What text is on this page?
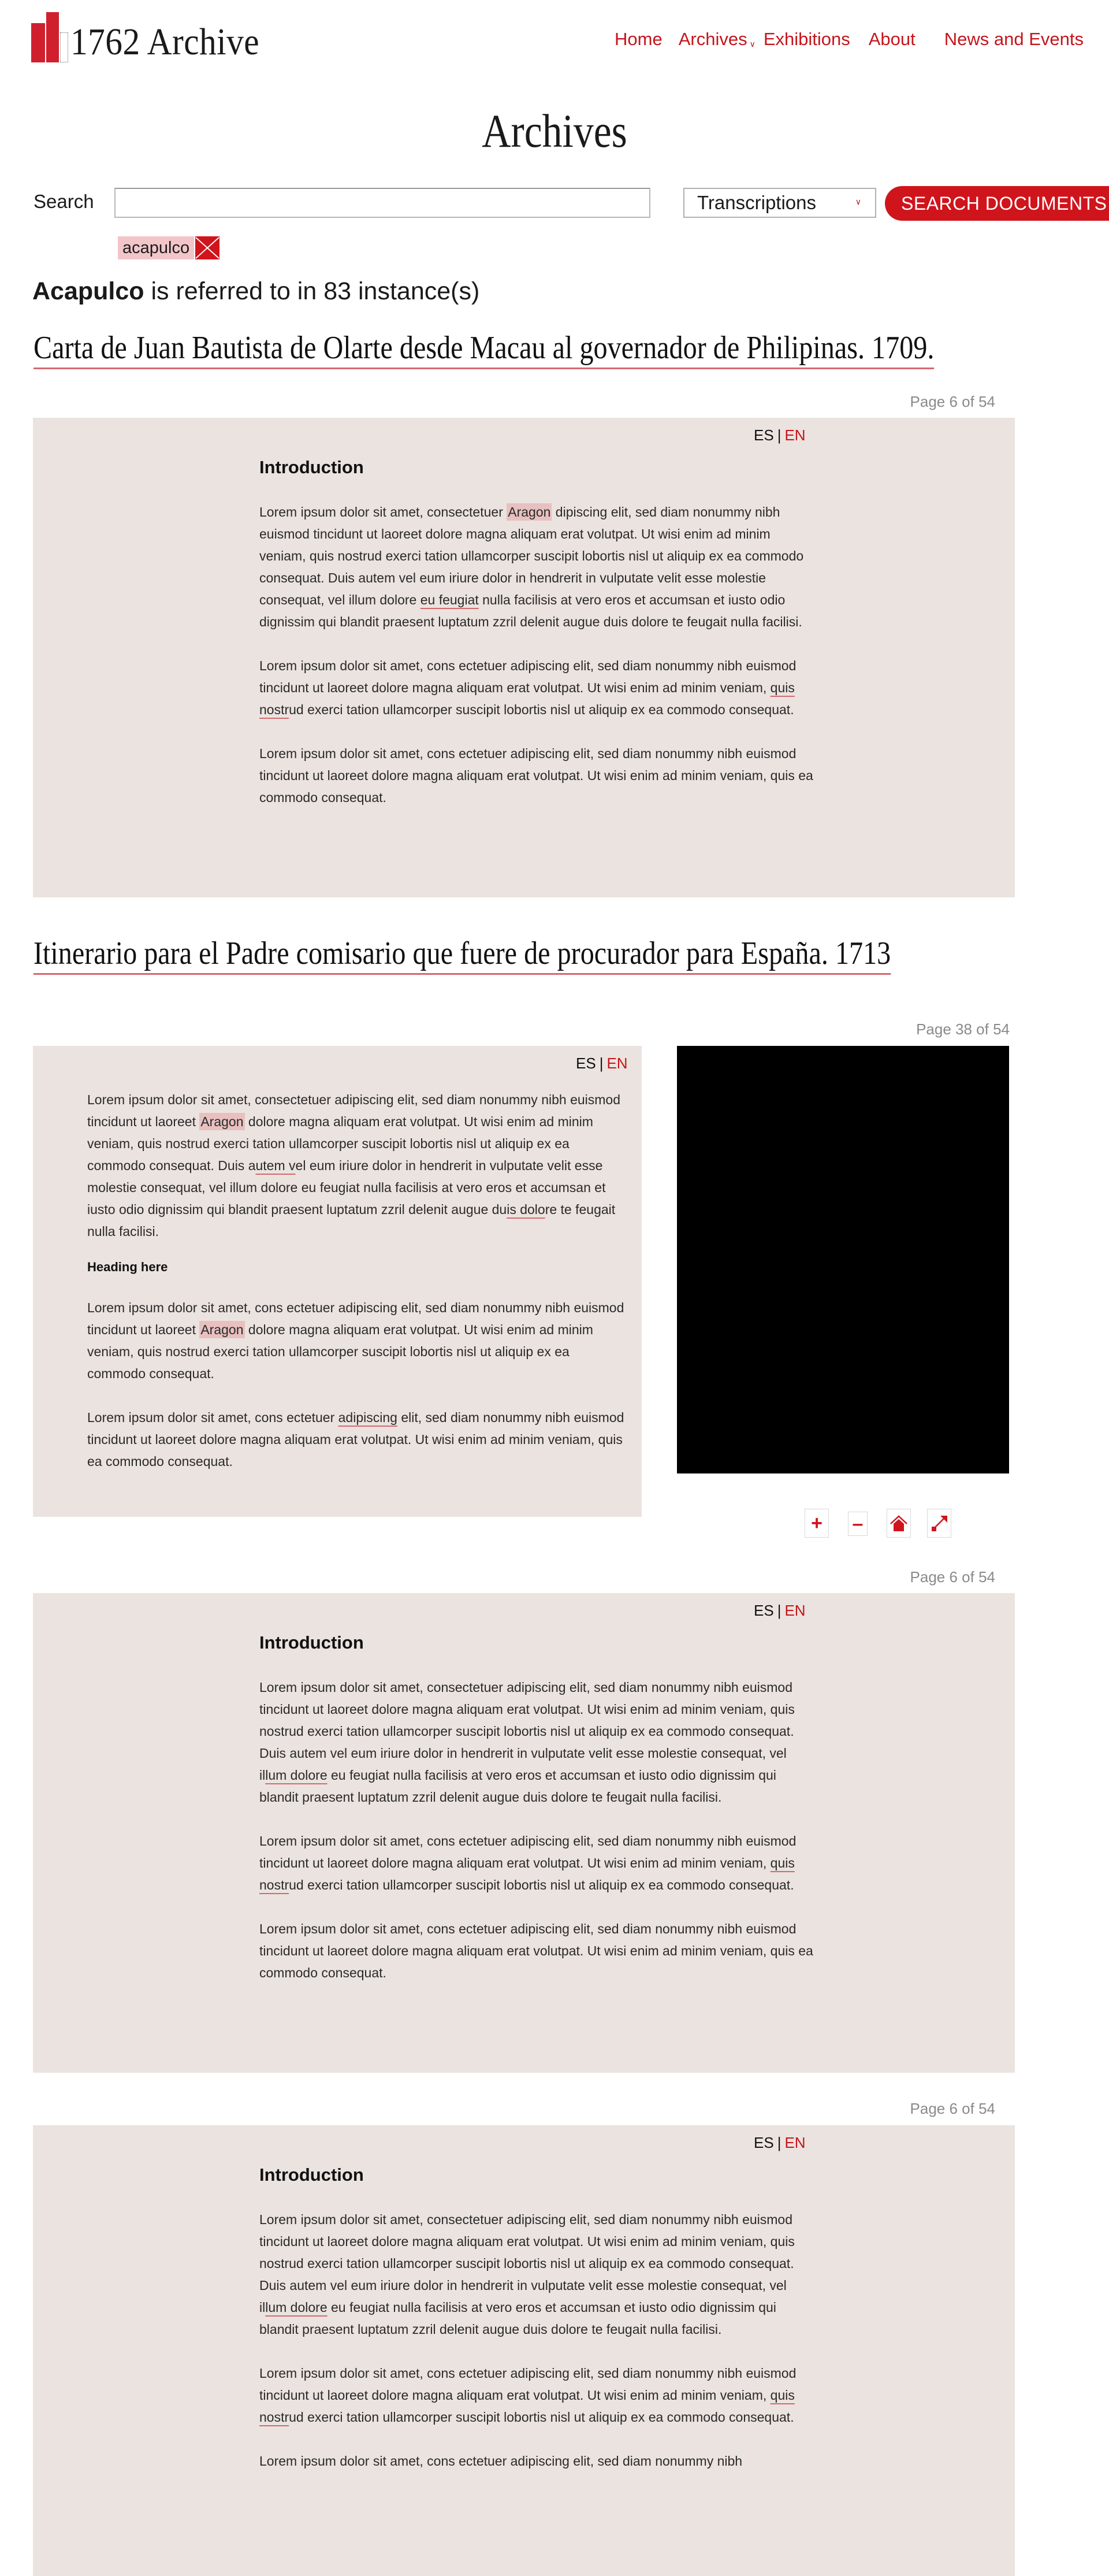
1762 Archive	Home Archives ∨ Exhibitions About News and Events
Archives
Search	Transcriptions	∨	SEARCH DOCUMENTS
acapulco
Acapulco is referred to in 83 instance(s)
Carta de Juan Bautista de Olarte desde Macau al governador de Philipinas. 1709.
Page 6 of 54
ES | EN
Introduction

Lorem ipsum dolor sit amet, consectetuer Aragon dipiscing elit, sed diam nonummy nibh euismod tincidunt ut laoreet dolore magna aliquam erat volutpat. Ut wisi enim ad minim veniam, quis nostrud exerci tation ullamcorper suscipit lobortis nisl ut aliquip ex ea commodo consequat. Duis autem vel eum iriure dolor in hendrerit in vulputate velit esse molestie consequat, vel illum dolore eu feugiat nulla facilisis at vero eros et accumsan et iusto odio dignissim qui blandit praesent luptatum zzril delenit augue duis dolore te feugait nulla facilisi.

Lorem ipsum dolor sit amet, cons ectetuer adipiscing elit, sed diam nonummy nibh euismod tincidunt ut laoreet dolore magna aliquam erat volutpat. Ut wisi enim ad minim veniam, quis nostrud exerci tation ullamcorper suscipit lobortis nisl ut aliquip ex ea commodo consequat.

Lorem ipsum dolor sit amet, cons ectetuer adipiscing elit, sed diam nonummy nibh euismod tincidunt ut laoreet dolore magna aliquam erat volutpat. Ut wisi enim ad minim veniam, quis ea commodo consequat.

Itinerario para el Padre comisario que fuere de procurador para España. 1713
Page 38 of 54
ES | EN

Lorem ipsum dolor sit amet, consectetuer adipiscing elit, sed diam nonummy nibh euismod tincidunt ut laoreet Aragon dolore magna aliquam erat volutpat. Ut wisi enim ad minim veniam, quis nostrud exerci tation ullamcorper suscipit lobortis nisl ut aliquip ex ea commodo consequat. Duis autem vel eum iriure dolor in hendrerit in vulputate velit esse molestie consequat, vel illum dolore eu feugiat nulla facilisis at vero eros et accumsan et iusto odio dignissim qui blandit praesent luptatum zzril delenit augue duis dolore te feugait nulla facilisi.

Heading here

Lorem ipsum dolor sit amet, cons ectetuer adipiscing elit, sed diam nonummy nibh euismod tincidunt ut laoreet Aragon dolore magna aliquam erat volutpat. Ut wisi enim ad minim veniam, quis nostrud exerci tation ullamcorper suscipit lobortis nisl ut aliquip ex ea commodo consequat.

Lorem ipsum dolor sit amet, cons ectetuer adipiscing elit, sed diam nonummy nibh euismod tincidunt ut laoreet dolore magna aliquam erat volutpat. Ut wisi enim ad minim veniam, quis ea commodo consequat.

+ –
Page 6 of 54
ES | EN
Introduction

Lorem ipsum dolor sit amet, consectetuer adipiscing elit, sed diam nonummy nibh euismod tincidunt ut laoreet dolore magna aliquam erat volutpat. Ut wisi enim ad minim veniam, quis nostrud exerci tation ullamcorper suscipit lobortis nisl ut aliquip ex ea commodo consequat. Duis autem vel eum iriure dolor in hendrerit in vulputate velit esse molestie consequat, vel illum dolore eu feugiat nulla facilisis at vero eros et accumsan et iusto odio dignissim qui blandit praesent luptatum zzril delenit augue duis dolore te feugait nulla facilisi.

Lorem ipsum dolor sit amet, cons ectetuer adipiscing elit, sed diam nonummy nibh euismod tincidunt ut laoreet dolore magna aliquam erat volutpat. Ut wisi enim ad minim veniam, quis nostrud exerci tation ullamcorper suscipit lobortis nisl ut aliquip ex ea commodo consequat.

Lorem ipsum dolor sit amet, cons ectetuer adipiscing elit, sed diam nonummy nibh euismod tincidunt ut laoreet dolore magna aliquam erat volutpat. Ut wisi enim ad minim veniam, quis ea commodo consequat.

Page 6 of 54
ES | EN
Introduction

Lorem ipsum dolor sit amet, consectetuer adipiscing elit, sed diam nonummy nibh euismod tincidunt ut laoreet dolore magna aliquam erat volutpat. Ut wisi enim ad minim veniam, quis nostrud exerci tation ullamcorper suscipit lobortis nisl ut aliquip ex ea commodo consequat. Duis autem vel eum iriure dolor in hendrerit in vulputate velit esse molestie consequat, vel illum dolore eu feugiat nulla facilisis at vero eros et accumsan et iusto odio dignissim qui blandit praesent luptatum zzril delenit augue duis dolore te feugait nulla facilisi.

Lorem ipsum dolor sit amet, cons ectetuer adipiscing elit, sed diam nonummy nibh euismod tincidunt ut laoreet dolore magna aliquam erat volutpat. Ut wisi enim ad minim veniam, quis nostrud exerci tation ullamcorper suscipit lobortis nisl ut aliquip ex ea commodo consequat.

Lorem ipsum dolor sit amet, cons ectetuer adipiscing elit, sed diam nonummy nibh
